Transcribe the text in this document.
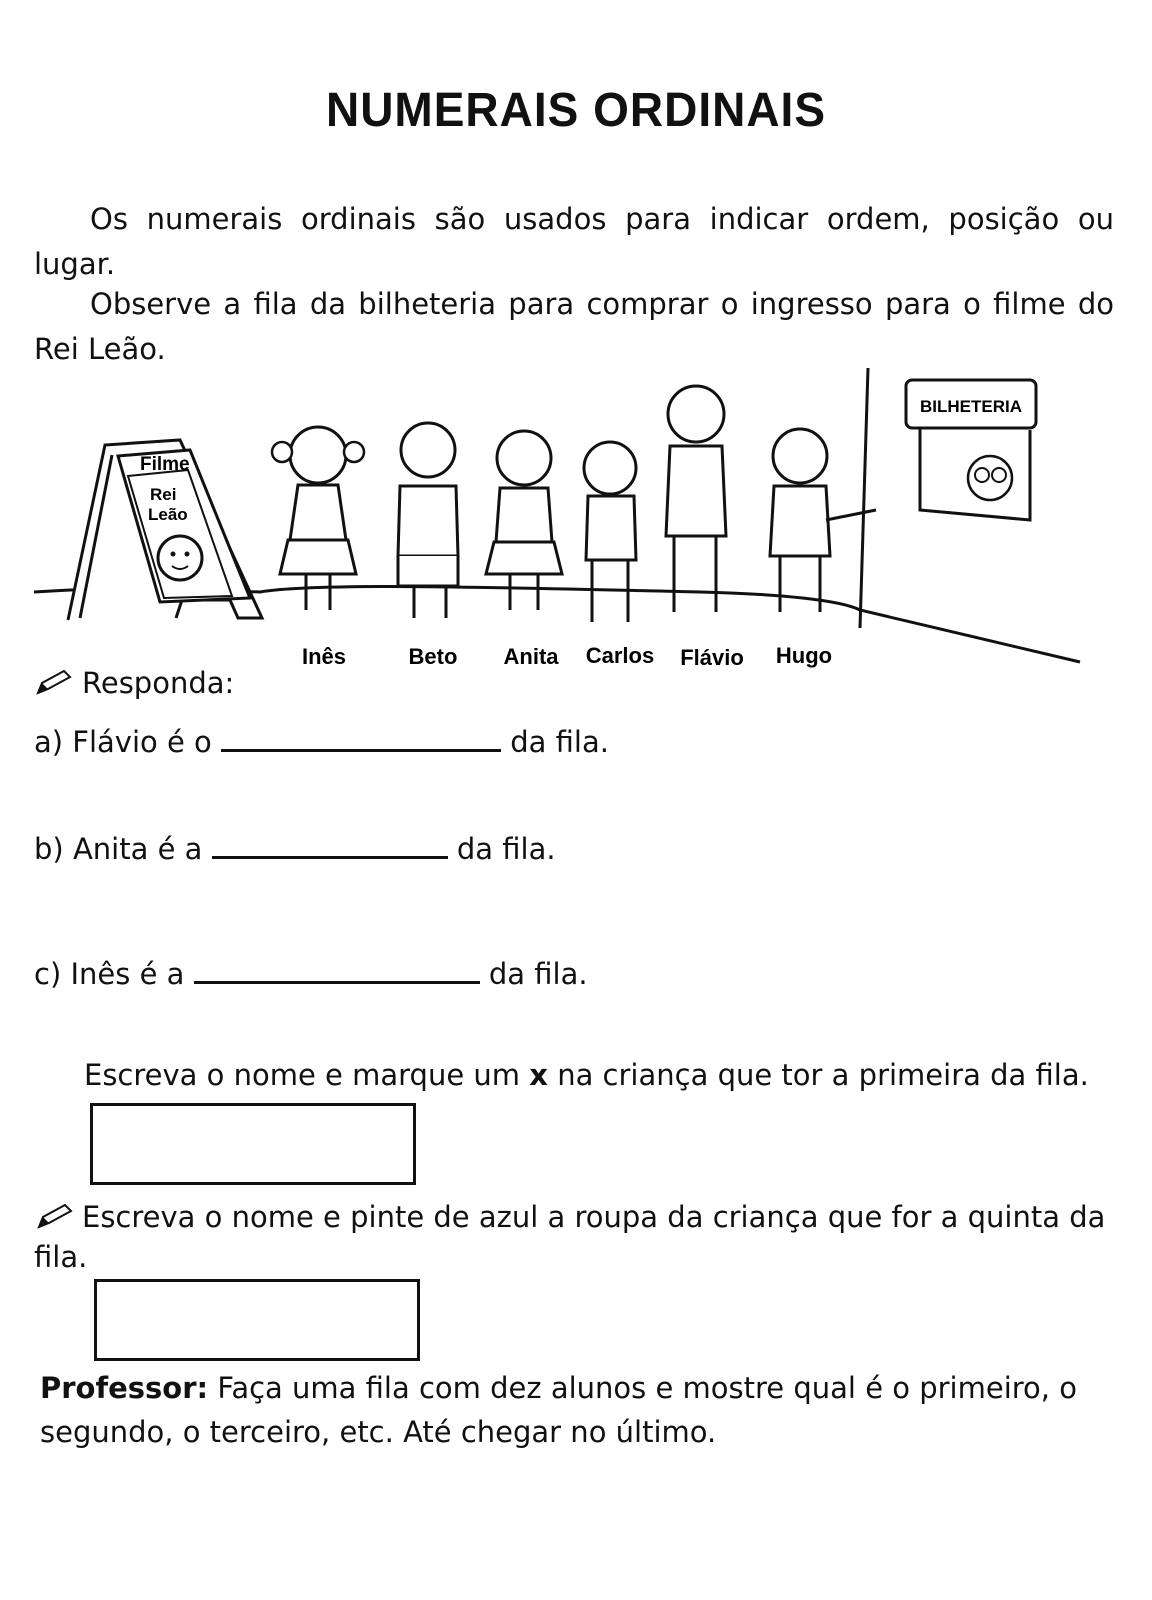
NUMERAIS ORDINAIS
Os numerais ordinais são usados para indicar ordem, posição ou lugar.
Observe a fila da bilheteria para comprar o ingresso para o filme do Rei Leão.
Filme
Rei
Leão
BILHETERIA
Inês	Beto Anita Carlos Flávio Hugo
Responda:
a) Flávio é o	da fila.
b) Anita é a	da fila.
c) Inês é a	da fila.
Escreva o nome e marque um x na criança que tor a primeira da fila.
Escreva o nome e pinte de azul a roupa da criança que for a quinta da
fila.
Professor: Faça uma fila com dez alunos e mostre qual é o primeiro, o
segundo, o terceiro, etc. Até chegar no último.
